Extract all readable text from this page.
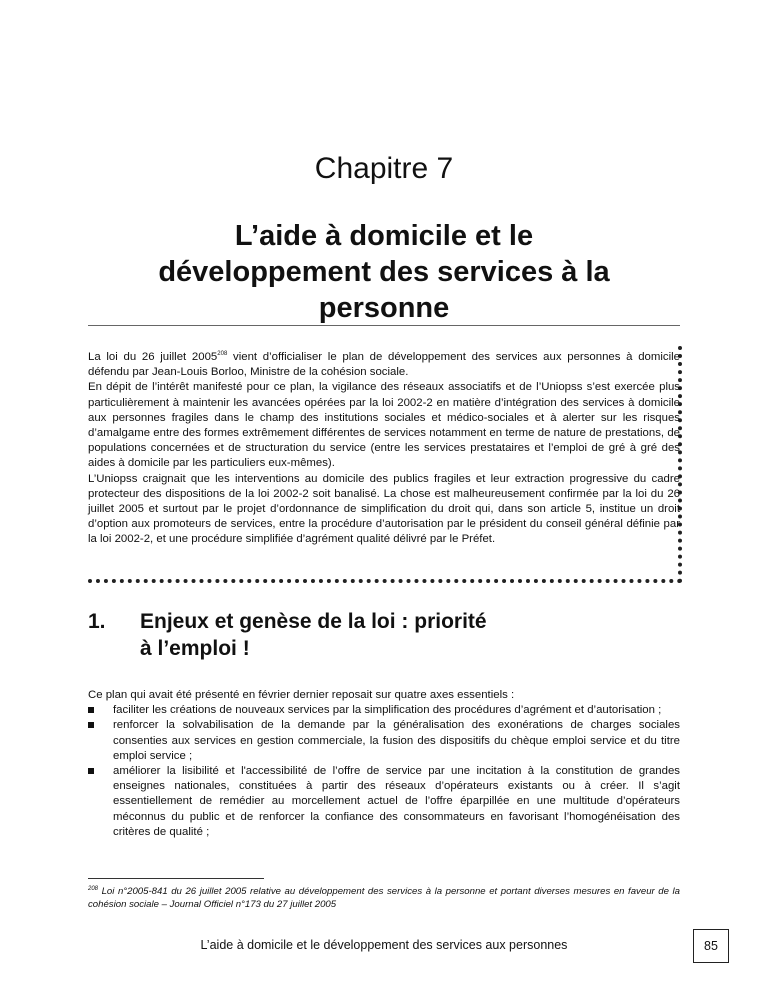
Chapitre 7
L’aide à domicile et le
développement des services à la
personne

La loi du 26 juillet 2005$^{208}$ vient d’officialiser le plan de développement des services aux personnes à domicile défendu par Jean-Louis Borloo, Ministre de la cohésion sociale.

En dépit de l’intérêt manifesté pour ce plan, la vigilance des réseaux associatifs et de l’Uniopss s’est exercée plus particulièrement à maintenir les avancées opérées par la loi 2002-2 en matière d’intégration des services à domicile aux personnes fragiles dans le champ des institutions sociales et médico-sociales et à alerter sur les risques d’amalgame entre des formes extrêmement différentes de services notamment en terme de nature de prestations, de populations concernées et de structuration du service (entre les services prestataires et l’emploi de gré à gré des aides à domicile par les particuliers eux-mêmes).

L’Uniopss craignait que les interventions au domicile des publics fragiles et leur extraction progressive du cadre protecteur des dispositions de la loi 2002-2 soit banalisé. La chose est malheureusement confirmée par la loi du 26 juillet 2005 et surtout par le projet d’ordonnance de simplification du droit qui, dans son article 5, institue un droit d’option aux promoteurs de services, entre la procédure d’autorisation par le président du conseil général définie par la loi 2002-2, et une procédure simplifiée d’agrément qualité délivré par le Préfet.

1. Enjeux et genèse de la loi : priorité
à l’emploi !

Ce plan qui avait été présenté en février dernier reposait sur quatre axes essentiels :

faciliter les créations de nouveaux services par la simplification des procédures d’agrément et d’autorisation ;
renforcer la solvabilisation de la demande par la généralisation des exonérations de charges sociales consenties aux services en gestion commerciale, la fusion des dispositifs du chèque emploi service et du titre emploi service ;
améliorer la lisibilité et l'accessibilité de l’offre de service par une incitation à la constitution de grandes enseignes nationales, constituées à partir des réseaux d’opérateurs existants ou à créer. Il s’agit essentiellement de remédier au morcellement actuel de l’offre éparpillée en une multitude d’opérateurs méconnus du public et de renforcer la confiance des consommateurs en favorisant l’homogénéisation des critères de qualité ;
$^{208}$ Loi n°2005-841 du 26 juillet 2005 relative au développement des services à la personne et portant diverses mesures en faveur de la cohésion sociale – Journal Officiel n°173 du 27 juillet 2005
L’aide à domicile et le développement des services aux personnes	85
